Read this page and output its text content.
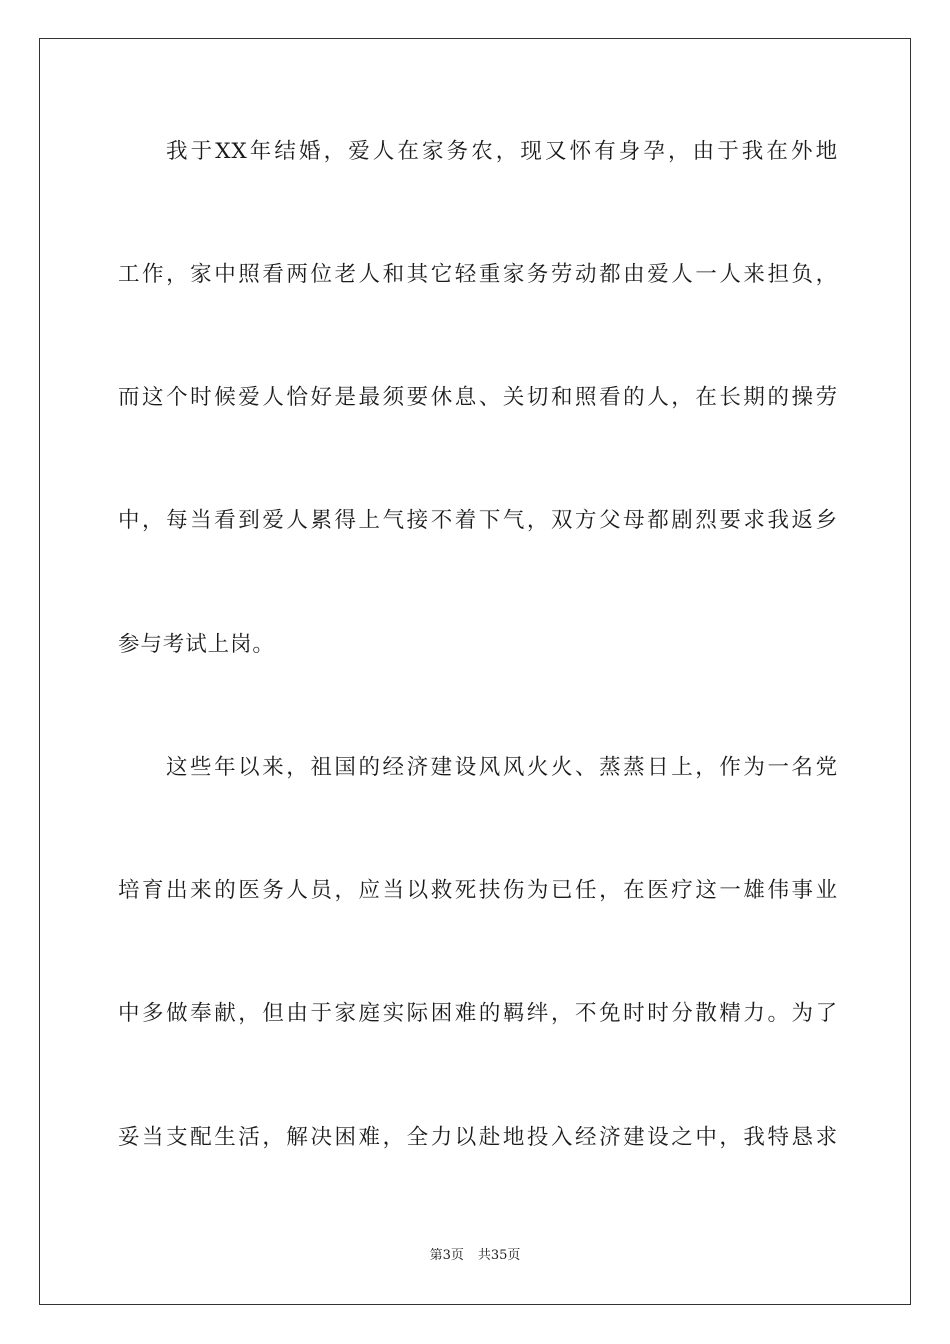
我于XX年结婚，爱人在家务农，现又怀有身孕，由于我在外地
工作，家中照看两位老人和其它轻重家务劳动都由爱人一人来担负，
而这个时候爱人恰好是最须要休息、关切和照看的人，在长期的操劳
中，每当看到爱人累得上气接不着下气，双方父母都剧烈要求我返乡
参与考试上岗。
这些年以来，祖国的经济建设风风火火、蒸蒸日上，作为一名党
培育出来的医务人员，应当以救死扶伤为已任，在医疗这一雄伟事业
中多做奉献，但由于家庭实际困难的羁绊，不免时时分散精力。为了
妥当支配生活，解决困难，全力以赴地投入经济建设之中，我特恳求
第3页 共35页
